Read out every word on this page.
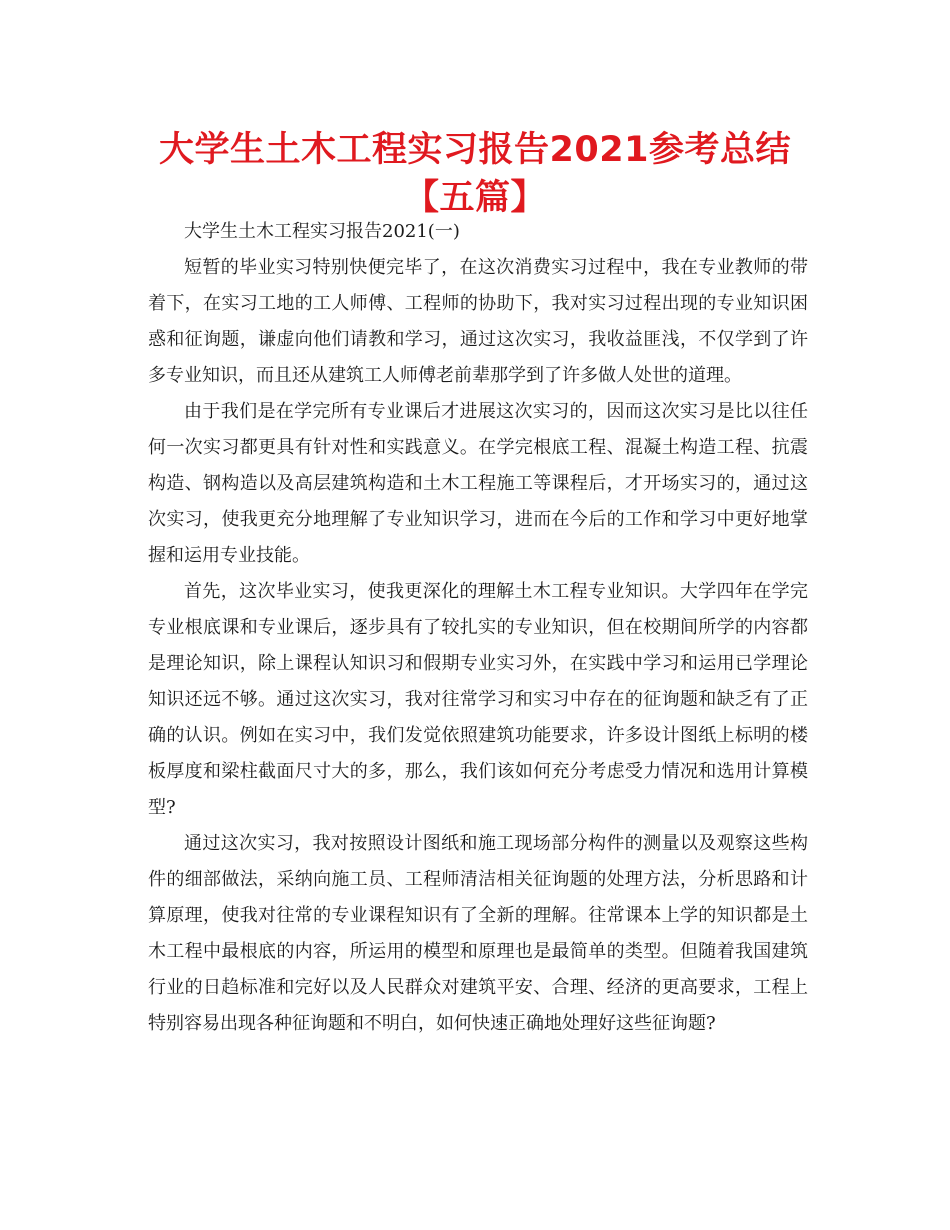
大学生土木工程实习报告2021参考总结【五篇】

大学生土木工程实习报告2021(一)

短暂的毕业实习特别快便完毕了，在这次消费实习过程中，我在专业教师的带着下，在实习工地的工人师傅、工程师的协助下，我对实习过程出现的专业知识困惑和征询题，谦虚向他们请教和学习，通过这次实习，我收益匪浅，不仅学到了许多专业知识，而且还从建筑工人师傅老前辈那学到了许多做人处世的道理。

由于我们是在学完所有专业课后才进展这次实习的，因而这次实习是比以往任何一次实习都更具有针对性和实践意义。在学完根底工程、混凝土构造工程、抗震构造、钢构造以及高层建筑构造和土木工程施工等课程后，才开场实习的，通过这次实习，使我更充分地理解了专业知识学习，进而在今后的工作和学习中更好地掌握和运用专业技能。

首先，这次毕业实习，使我更深化的理解土木工程专业知识。大学四年在学完专业根底课和专业课后，逐步具有了较扎实的专业知识，但在校期间所学的内容都是理论知识，除上课程认知识习和假期专业实习外，在实践中学习和运用已学理论知识还远不够。通过这次实习，我对往常学习和实习中存在的征询题和缺乏有了正确的认识。例如在实习中，我们发觉依照建筑功能要求，许多设计图纸上标明的楼板厚度和梁柱截面尺寸大的多，那么，我们该如何充分考虑受力情况和选用计算模型?

通过这次实习，我对按照设计图纸和施工现场部分构件的测量以及观察这些构件的细部做法，采纳向施工员、工程师清洁相关征询题的处理方法，分析思路和计算原理，使我对往常的专业课程知识有了全新的理解。往常课本上学的知识都是土木工程中最根底的内容，所运用的模型和原理也是最简单的类型。但随着我国建筑行业的日趋标准和完好以及人民群众对建筑平安、合理、经济的更高要求，工程上特别容易出现各种征询题和不明白，如何快速正确地处理好这些征询题?
